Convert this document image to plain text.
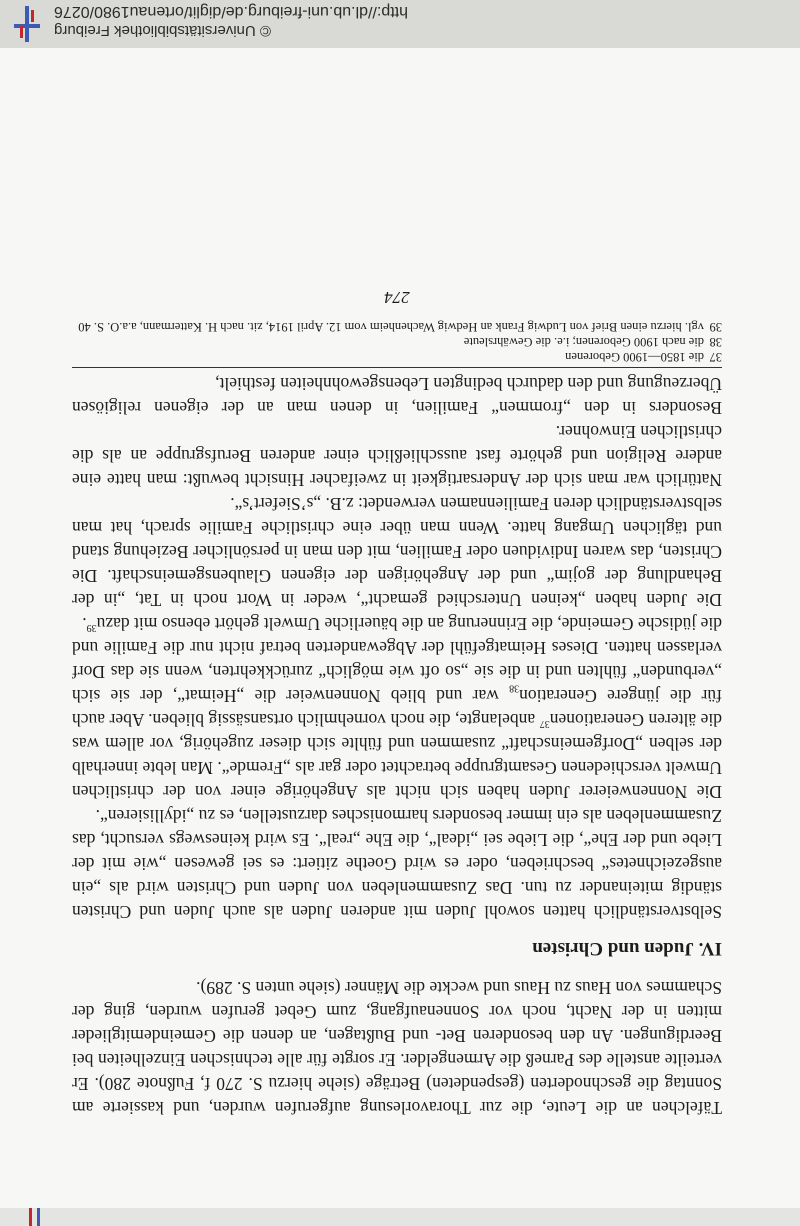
Täfelchen an die Leute, die zur Thoravorlesung aufgerufen wurden, und kassierte am Sonntag die geschnoderten (gespendeten) Beträge (siehe hierzu S. 270 f, Fußnote 280). Er verteilte anstelle des Parneß die Armengelder. Er sorgte für alle technischen Einzelheiten bei Beerdigungen. An den besonderen Bet- und Bußtagen, an denen die Gemeindemitglieder mitten in der Nacht, noch vor Sonnenaufgang, zum Gebet gerufen wurden, ging der Schammes von Haus zu Haus und weckte die Männer (siehe unten S. 289).

IV. Juden und Christen

Selbstverständlich hatten sowohl Juden mit anderen Juden als auch Juden und Christen ständig miteinander zu tun. Das Zusammenleben von Juden und Christen wird als „ein ausgezeichnetes“ beschrieben, oder es wird Goethe zitiert: es sei gewesen „wie mit der Liebe und der Ehe“, die Liebe sei „ideal“, die Ehe „real“. Es wird keineswegs versucht, das Zusammenleben als ein immer besonders harmonisches darzustellen, es zu „idyllisieren“.

Die Nonnenweierer Juden haben sich nicht als Angehörige einer von der christlichen Umwelt verschiedenen Gesamtgruppe betrachtet oder gar als „Fremde“. Man lebte innerhalb der selben „Dorfgemeinschaft“ zusammen und fühlte sich dieser zugehörig, vor allem was die älteren Generationen$^{37}$ anbelangte, die noch vornehmlich ortsansässig blieben. Aber auch für die jüngere Generation$_{38}$ war und blieb Nonnenweier die „Heimat“, der sie sich „verbunden“ fühlten und in die sie „so oft wie möglich“ zurückkehrten, wenn sie das Dorf verlassen hatten. Dieses Heimatgefühl der Abgewanderten betraf nicht nur die Familie und die jüdische Gemeinde, die Erinnerung an die bäuerliche Umwelt gehört ebenso mit dazu$^{39}$.

Die Juden haben „keinen Unterschied gemacht“, weder in Wort noch in Tat, „in der Behandlung der gojim“ und der Angehörigen der eigenen Glaubensgemeinschaft. Die Christen, das waren Individuen oder Familien, mit den man in persönlicher Beziehung stand und täglichen Umgang hatte. Wenn man über eine christliche Familie sprach, hat man selbstverständlich deren Familiennamen verwendet: z.B. „s’Siefert’s“.

Natürlich war man sich der Andersartigkeit in zweifacher Hinsicht bewußt: man hatte eine andere Religion und gehörte fast ausschließlich einer anderen Berufsgruppe an als die christlichen Einwohner.

Besonders in den „frommen“ Familien, in denen man an der eigenen religiösen Überzeugung und den dadurch bedingten Lebensgewohnheiten festhielt,

37
die 1850—1900 Geborenen
38
die nach 1900 Geborenen; i.e. die Gewährsleute
39
vgl. hierzu einen Brief von Ludwig Frank an Hedwig Wachenheim vom 12. April 1914, zit. nach H. Kattermann, a.a.O. S. 40
274
© Universitätsbibliothek Freiburg
http://dl.ub.uni-freiburg.de/diglit/ortenau1980/0276
